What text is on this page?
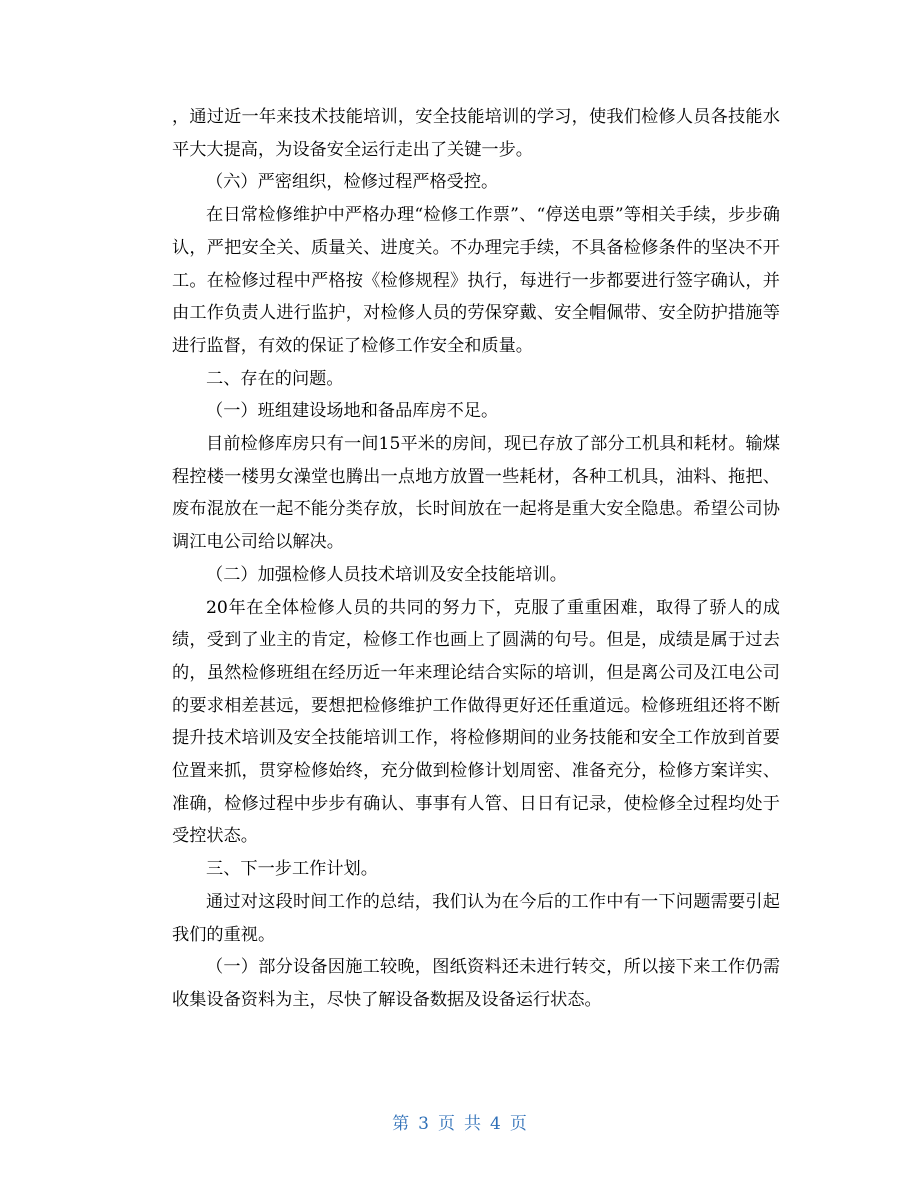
，通过近一年来技术技能培训，安全技能培训的学习，使我们检修人员各技能水平大大提高，为设备安全运行走出了关键一步。

（六）严密组织，检修过程严格受控。

在日常检修维护中严格办理“检修工作票”、“停送电票”等相关手续，步步确认，严把安全关、质量关、进度关。不办理完手续，不具备检修条件的坚决不开工。在检修过程中严格按《检修规程》执行，每进行一步都要进行签字确认，并由工作负责人进行监护，对检修人员的劳保穿戴、安全帽佩带、安全防护措施等进行监督，有效的保证了检修工作安全和质量。

二、存在的问题。

（一）班组建设场地和备品库房不足。

目前检修库房只有一间15平米的房间，现已存放了部分工机具和耗材。输煤程控楼一楼男女澡堂也腾出一点地方放置一些耗材，各种工机具，油料、拖把、废布混放在一起不能分类存放，长时间放在一起将是重大安全隐患。希望公司协调江电公司给以解决。

（二）加强检修人员技术培训及安全技能培训。

20年在全体检修人员的共同的努力下，克服了重重困难，取得了骄人的成绩，受到了业主的肯定，检修工作也画上了圆满的句号。但是，成绩是属于过去的，虽然检修班组在经历近一年来理论结合实际的培训，但是离公司及江电公司的要求相差甚远，要想把检修维护工作做得更好还任重道远。检修班组还将不断提升技术培训及安全技能培训工作，将检修期间的业务技能和安全工作放到首要位置来抓，贯穿检修始终，充分做到检修计划周密、准备充分，检修方案详实、准确，检修过程中步步有确认、事事有人管、日日有记录，使检修全过程均处于受控状态。

三、下一步工作计划。

通过对这段时间工作的总结，我们认为在今后的工作中有一下问题需要引起我们的重视。

（一）部分设备因施工较晚，图纸资料还未进行转交，所以接下来工作仍需收集设备资料为主，尽快了解设备数据及设备运行状态。

第 3 页 共 4 页
